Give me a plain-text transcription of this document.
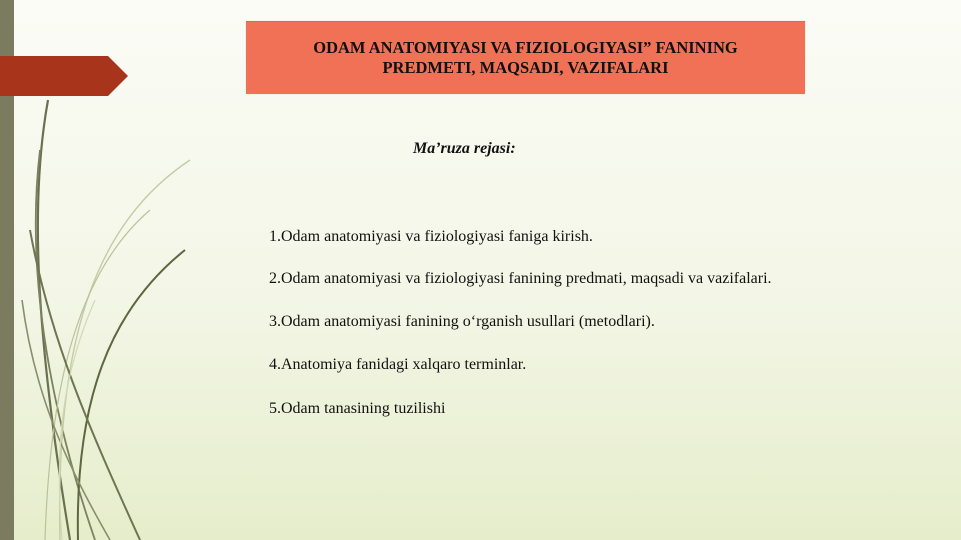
ODAM ANATOMIYASI VA FIZIOLOGIYASI” FANINING
PREDMETI, MAQSADI, VAZIFALARI
Ma’ruza rejasi:
1.Odam anatomiyasi va fiziologiyasi faniga kirish.
2.Odam anatomiyasi va fiziologiyasi fanining predmati, maqsadi va vazifalari.
3.Odam anatomiyasi fanining o‘rganish usullari (metodlari).
4.Anatomiya fanidagi xalqaro terminlar.
5.Odam tanasining tuzilishi
